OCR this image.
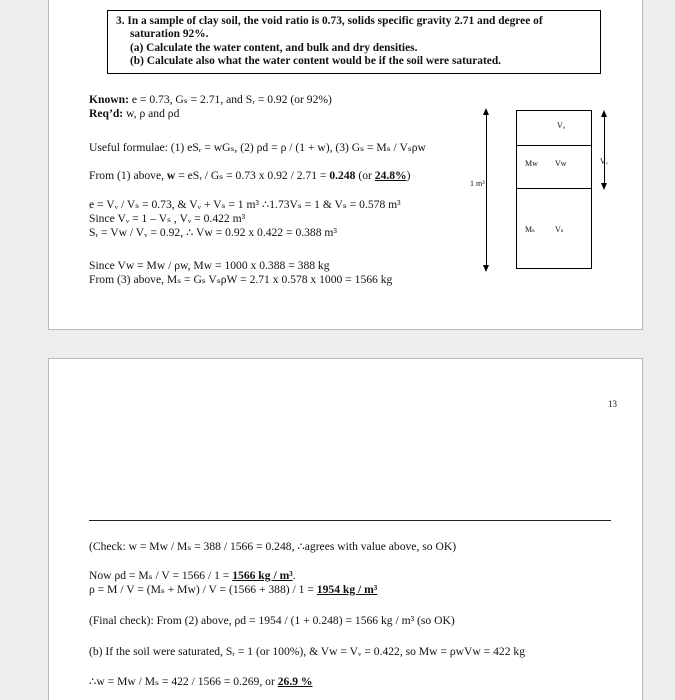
3. In a sample of clay soil, the void ratio is 0.73, solids specific gravity 2.71 and degree of
saturation 92%.
(a) Calculate the water content, and bulk and dry densities.
(b) Calculate also what the water content would be if the soil were saturated.
Known: e = 0.73, Gₛ = 2.71, and Sᵣ = 0.92 (or 92%)
Req’d: w, ρ and ρd
Useful formulae: (1) eSᵣ = wGₛ, (2) ρd = ρ / (1 + w), (3) Gₛ = Mₛ / Vₛρw
From (1) above, w = eSᵣ / Gₛ = 0.73 x 0.92 / 2.71 = 0.248 (or 24.8%)
e = Vᵥ / Vₛ = 0.73, & Vᵥ + Vₛ = 1 m³ ∴1.73Vₛ = 1 & Vₛ = 0.578 m³
Since Vᵥ = 1 – Vₛ , Vᵥ = 0.422 m³
Sᵣ = Vw / Vᵥ = 0.92, ∴ Vw = 0.92 x 0.422 = 0.388 m³
Since Vw = Mw / ρw, Mw = 1000 x 0.388 = 388 kg
From (3) above, Mₛ = Gₛ VₛρW = 2.71 x 0.578 x 1000 = 1566 kg
1 m³
Vₐ
Mw Vw
Mₛ	Vₛ
Vᵥ
13
(Check: w = Mw / Mₛ = 388 / 1566 = 0.248, ∴agrees with value above, so OK)
Now ρd = Mₛ / V = 1566 / 1 = 1566 kg / m³.
ρ = M / V = (Mₛ + Mw) / V = (1566 + 388) / 1 = 1954 kg / m³
(Final check): From (2) above, ρd = 1954 / (1 + 0.248) = 1566 kg / m³ (so OK)
(b) If the soil were saturated, Sᵣ = 1 (or 100%), & Vw = Vᵥ = 0.422, so Mw = ρwVw = 422 kg
∴w = Mw / Mₛ = 422 / 1566 = 0.269, or 26.9 %
